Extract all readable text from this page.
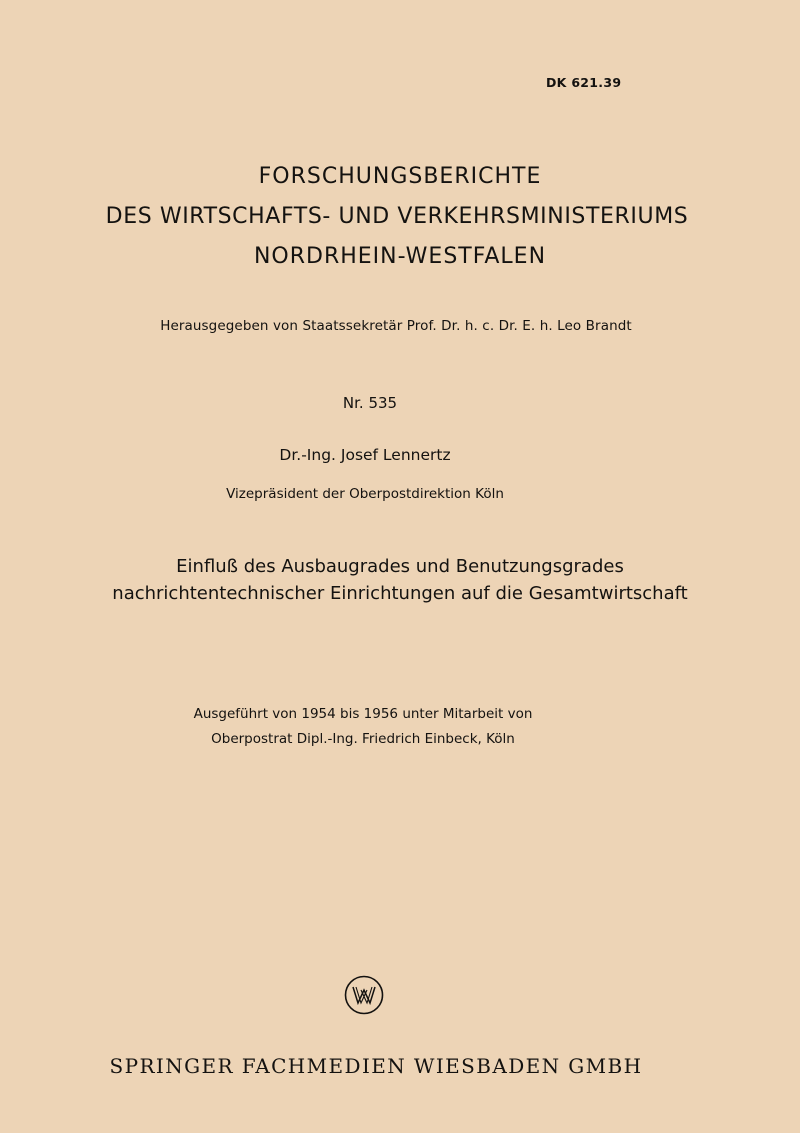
DK 621.39
FORSCHUNGSBERICHTE
DES WIRTSCHAFTS- UND VERKEHRSMINISTERIUMS
NORDRHEIN-WESTFALEN
Herausgegeben von Staatssekretär Prof. Dr. h. c. Dr. E. h. Leo Brandt
Nr. 535
Dr.-Ing. Josef Lennertz
Vizepräsident der Oberpostdirektion Köln
Einfluß des Ausbaugrades und Benutzungsgrades
nachrichtentechnischer Einrichtungen auf die Gesamtwirtschaft
Ausgeführt von 1954 bis 1956 unter Mitarbeit von
Oberpostrat Dipl.-Ing. Friedrich Einbeck, Köln
SPRINGER FACHMEDIEN WIESBADEN GMBH
